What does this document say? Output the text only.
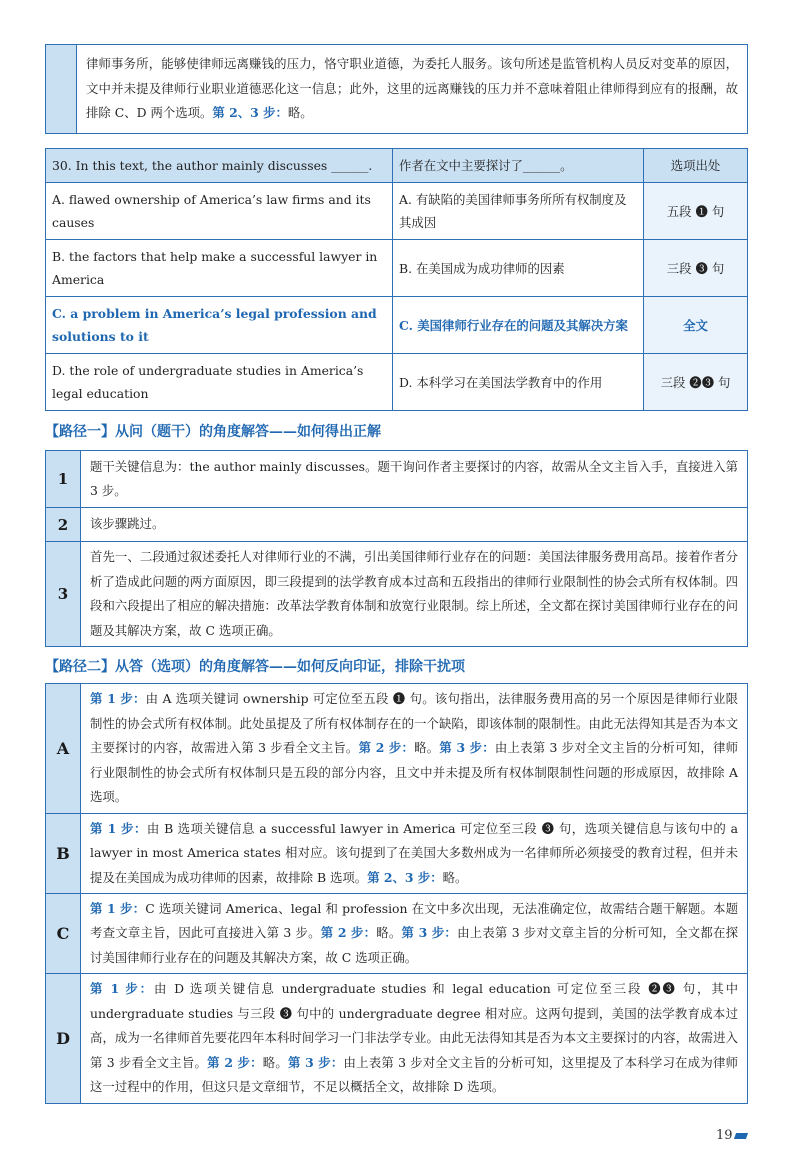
	律师事务所，能够使律师远离赚钱的压力，恪守职业道德，为委托人服务。该句所述是监管机构人员反对变革的原因，文中并未提及律师行业职业道德恶化这一信息；此外，这里的远离赚钱的压力并不意味着阻止律师得到应有的报酬，故排除 C、D 两个选项。第 2、3 步：略。
30. In this text, the author mainly discusses ______.	作者在文中主要探讨了______。	选项出处
A. flawed ownership of America’s law firms and its causes	A. 有缺陷的美国律师事务所所有权制度及其成因	五段 ❶ 句
B. the factors that help make a successful lawyer in America	B. 在美国成为成功律师的因素	三段 ❸ 句
C. a problem in America’s legal profession and solutions to it	C. 美国律师行业存在的问题及其解决方案	全文
D. the role of undergraduate studies in America’s legal education	D. 本科学习在美国法学教育中的作用	三段 ❷❸ 句
【路径一】从问（题干）的角度解答——如何得出正解
1	题干关键信息为：the author mainly discusses。题干询问作者主要探讨的内容，故需从全文主旨入手，直接进入第 3 步。
2	该步骤跳过。
3	首先一、二段通过叙述委托人对律师行业的不满，引出美国律师行业存在的问题：美国法律服务费用高昂。接着作者分析了造成此问题的两方面原因，即三段提到的法学教育成本过高和五段指出的律师行业限制性的协会式所有权体制。四段和六段提出了相应的解决措施：改革法学教育体制和放宽行业限制。综上所述，全文都在探讨美国律师行业存在的问题及其解决方案，故 C 选项正确。
【路径二】从答（选项）的角度解答——如何反向印证，排除干扰项
A	第 1 步：由 A 选项关键词 ownership 可定位至五段 ❶ 句。该句指出，法律服务费用高的另一个原因是律师行业限制性的协会式所有权体制。此处虽提及了所有权体制存在的一个缺陷，即该体制的限制性。由此无法得知其是否为本文主要探讨的内容，故需进入第 3 步看全文主旨。第 2 步：略。第 3 步：由上表第 3 步对全文主旨的分析可知，律师行业限制性的协会式所有权体制只是五段的部分内容，且文中并未提及所有权体制限制性问题的形成原因，故排除 A 选项。
B	第 1 步：由 B 选项关键信息 a successful lawyer in America 可定位至三段 ❸ 句，选项关键信息与该句中的 a lawyer in most America states 相对应。该句提到了在美国大多数州成为一名律师所必须接受的教育过程，但并未提及在美国成为成功律师的因素，故排除 B 选项。第 2、3 步：略。
C	第 1 步：C 选项关键词 America、legal 和 profession 在文中多次出现，无法准确定位，故需结合题干解题。本题考查文章主旨，因此可直接进入第 3 步。第 2 步：略。第 3 步：由上表第 3 步对文章主旨的分析可知，全文都在探讨美国律师行业存在的问题及其解决方案，故 C 选项正确。
D	第 1 步：由 D 选项关键信息 undergraduate studies 和 legal education 可定位至三段 ❷❸ 句，其中 undergraduate studies 与三段 ❸ 句中的 undergraduate degree 相对应。这两句提到，美国的法学教育成本过高，成为一名律师首先要花四年本科时间学习一门非法学专业。由此无法得知其是否为本文主要探讨的内容，故需进入第 3 步看全文主旨。第 2 步：略。第 3 步：由上表第 3 步对全文主旨的分析可知，这里提及了本科学习在成为律师这一过程中的作用，但这只是文章细节，不足以概括全文，故排除 D 选项。
19
